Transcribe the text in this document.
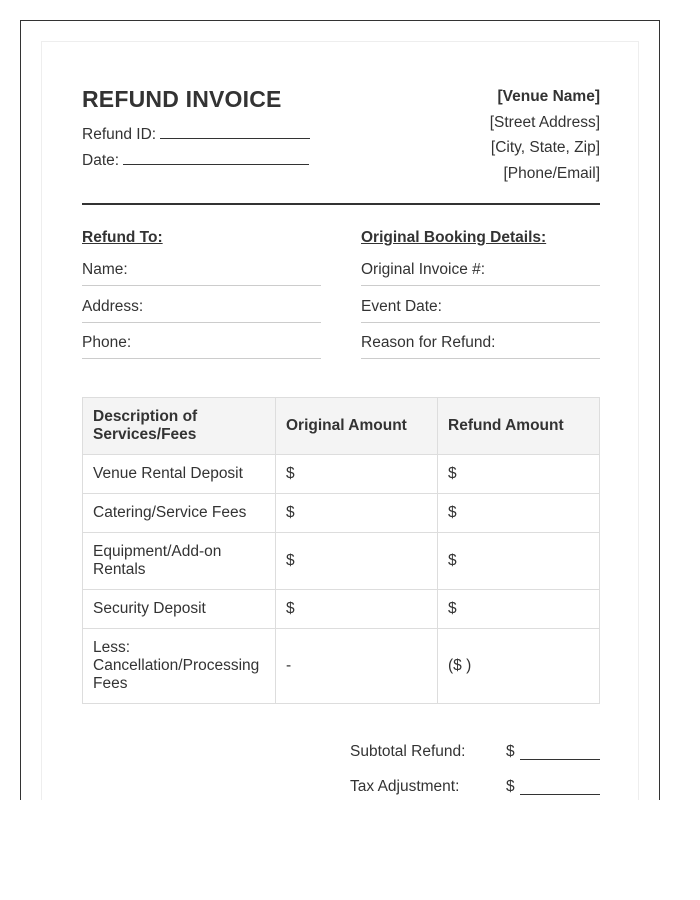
REFUND INVOICE
Refund ID:
Date:
[Venue Name]
[Street Address]
[City, State, Zip]
[Phone/Email]
Refund To:
Name:
Address:
Phone:
Original Booking Details:
Original Invoice #:
Event Date:
Reason for Refund:
Description of Services/Fees	Original Amount	Refund Amount
Venue Rental Deposit	$	$
Catering/Service Fees	$	$
Equipment/Add-on Rentals	$	$
Security Deposit	$	$
Less: Cancellation/Processing Fees	-	($ )
Subtotal Refund:	$
Tax Adjustment:	$
